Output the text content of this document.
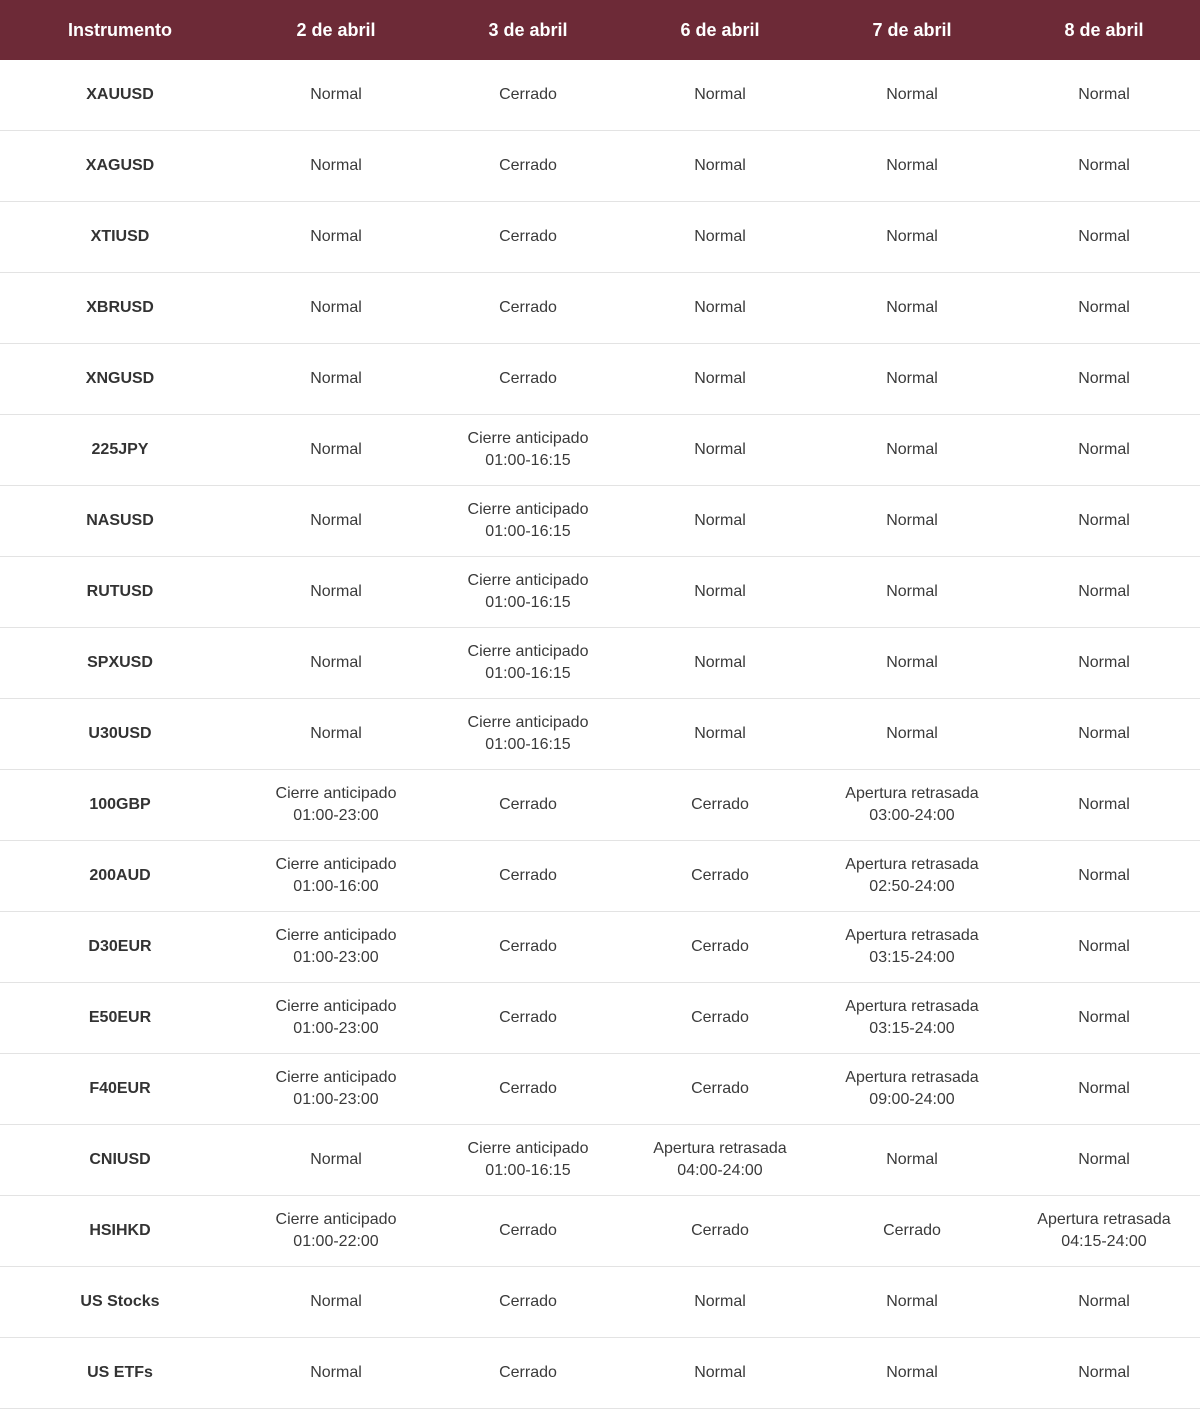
Instrumento	2 de abril	3 de abril	6 de abril	7 de abril	8 de abril
XAUUSD	Normal	Cerrado	Normal	Normal	Normal

XAGUSD	Normal	Cerrado	Normal	Normal	Normal

XTIUSD	Normal	Cerrado	Normal	Normal	Normal

XBRUSD	Normal	Cerrado	Normal	Normal	Normal

XNGUSD	Normal	Cerrado	Normal	Normal	Normal

225JPY	Normal	Cierre anticipado
01:00-16:15	Normal	Normal	Normal

NASUSD	Normal	Cierre anticipado
01:00-16:15	Normal	Normal	Normal

RUTUSD	Normal	Cierre anticipado
01:00-16:15	Normal	Normal	Normal

SPXUSD	Normal	Cierre anticipado
01:00-16:15	Normal	Normal	Normal

U30USD	Normal	Cierre anticipado
01:00-16:15	Normal	Normal	Normal

100GBP	Cierre anticipado
01:00-23:00	Cerrado	Cerrado	Apertura retrasada
03:00-24:00	Normal

200AUD	Cierre anticipado
01:00-16:00	Cerrado	Cerrado	Apertura retrasada
02:50-24:00	Normal

D30EUR	Cierre anticipado
01:00-23:00	Cerrado	Cerrado	Apertura retrasada
03:15-24:00	Normal

E50EUR	Cierre anticipado
01:00-23:00	Cerrado	Cerrado	Apertura retrasada
03:15-24:00	Normal

F40EUR	Cierre anticipado
01:00-23:00	Cerrado	Cerrado	Apertura retrasada
09:00-24:00	Normal

CNIUSD	Normal	Cierre anticipado
01:00-16:15	Apertura retrasada
04:00-24:00	Normal	Normal

HSIHKD	Cierre anticipado
01:00-22:00	Cerrado	Cerrado	Cerrado	Apertura retrasada
04:15-24:00

US Stocks	Normal	Cerrado	Normal	Normal	Normal

US ETFs	Normal	Cerrado	Normal	Normal	Normal
